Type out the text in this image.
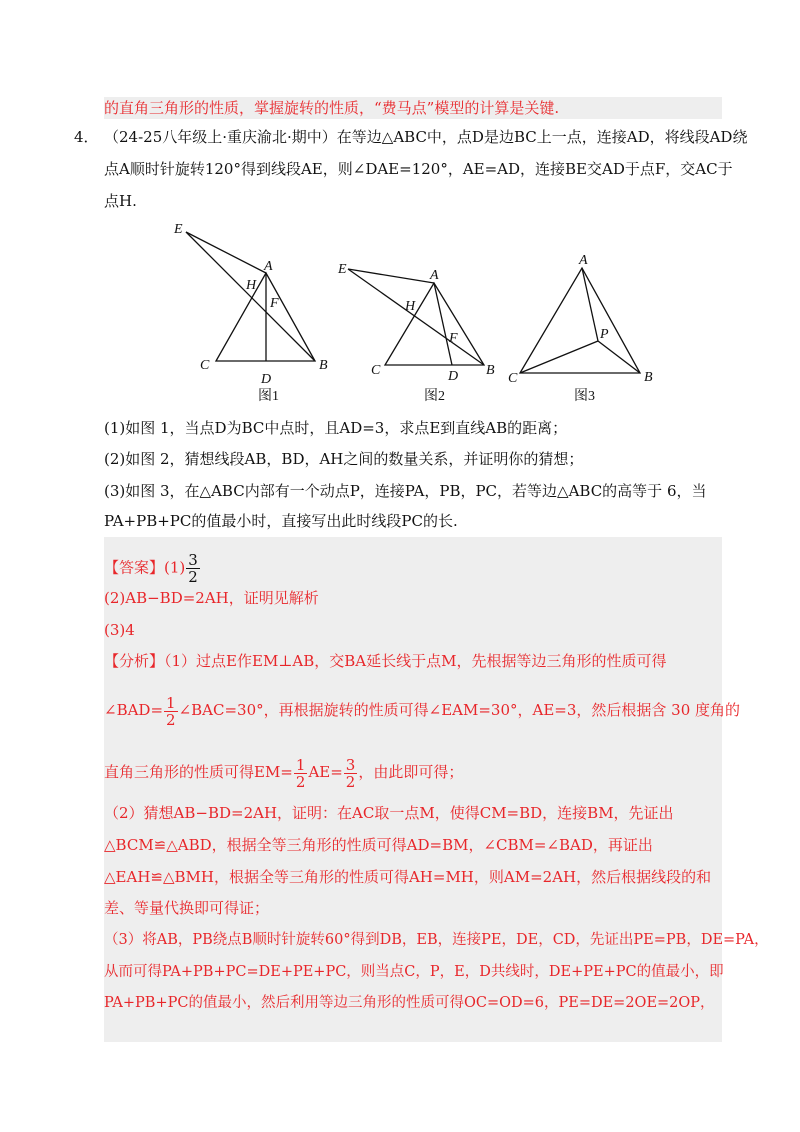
的直角三角形的性质，掌握旋转的性质，“费马点”模型的计算是关键.
4． （24-25八年级上·重庆渝北·期中）在等边△ABC中，点D是边BC上一点，连接AD，将线段AD绕
点A顺时针旋转120°得到线段AE，则∠DAE=120°，AE=AD，连接BE交AD于点F，交AC于
点H.
E
A
H
F
C
D
B
E	A
H
F
C	D B
A
P
C	B
图1	图2	图3
(1)如图 1，当点D为BC中点时，且AD=3，求点E到直线AB的距离；
(2)如图 2，猜想线段AB，BD，AH之间的数量关系，并证明你的猜想；
(3)如图 3，在△ABC内部有一个动点P，连接PA，PB，PC，若等边△ABC的高等于 6，当
PA+PB+PC的值最小时，直接写出此时线段PC的长.
【答案】$(1) \frac{3}{2}$
(2)AB−BD=2AH，证明见解析
(3)4
【分析】（1）过点E作EM⊥AB，交BA延长线于点M，先根据等边三角形的性质可得
∠BAD= $\frac{1}{2}$ ∠BAC=30°，再根据旋转的性质可得∠EAM=30°，AE=3，然后根据含 30 度角的
直角三角形的性质可得$EM= \frac{1}{2} AE= \frac{3}{2}$ ，由此即可得；
（2）猜想AB−BD=2AH，证明：在AC取一点M，使得CM=BD，连接BM，先证出
△BCM≌△ABD，根据全等三角形的性质可得AD=BM，∠CBM=∠BAD，再证出
△EAH≌△BMH，根据全等三角形的性质可得AH=MH，则AM=2AH，然后根据线段的和
差、等量代换即可得证；
（3）将AB，PB绕点B顺时针旋转60°得到DB，EB，连接PE，DE，CD，先证出PE=PB，DE=PA，
从而可得PA+PB+PC=DE+PE+PC，则当点C，P，E，D共线时，DE+PE+PC的值最小，即
PA+PB+PC的值最小，然后利用等边三角形的性质可得OC=OD=6，PE=DE=2OE=2OP，
